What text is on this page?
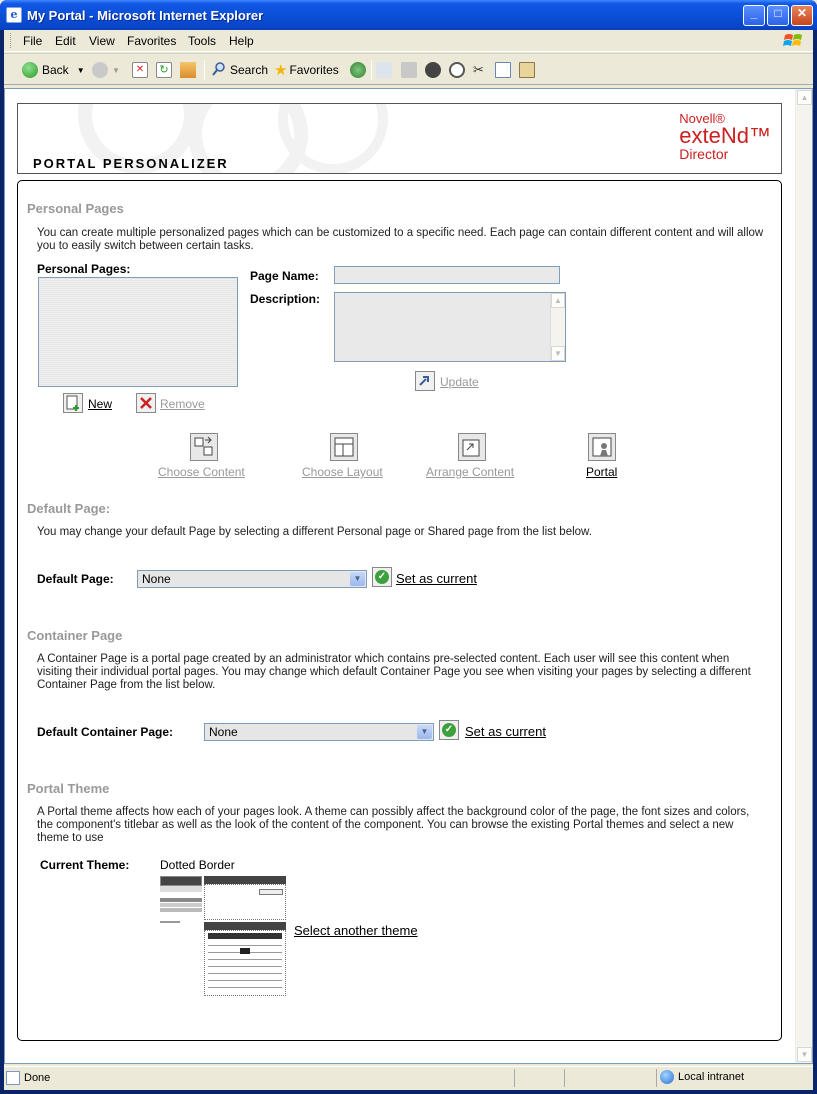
e My Portal - Microsoft Internet Explorer	_	□	✕
File Edit View Favorites Tools Help
Back ▼	▼	✕	↻	Search ★ Favorites	✂
PORTAL PERSONALIZER
Novell®
exteNd™
Director
Personal Pages
You can create multiple personalized pages which can be customized to a specific need. Each page can contain different content and will allow you to easily switch between certain tasks.
Personal Pages:	Page Name:
Description:	▲
▼
Update
New	Remove
Choose Content	Choose Layout	Arrange Content	Portal
Default Page:
You may change your default Page by selecting a different Personal page or Shared page from the list below.
Default Page:	None	▼	✓ Set as current
Container Page
A Container Page is a portal page created by an administrator which contains pre-selected content. Each user will see this content when visiting their individual portal pages. You may change which default Container Page you see when visiting your pages by selecting a different Container Page from the list below.
Default Container Page:	None	▼	✓ Set as current
Portal Theme
A Portal theme affects how each of your pages look. A theme can possibly affect the background color of the page, the font sizes and colors, the component's titlebar as well as the look of the content of the component. You can browse the existing Portal themes and select a new theme to use
Current Theme:	Dotted Border
Select another theme
▲
▼
Done	Local intranet
